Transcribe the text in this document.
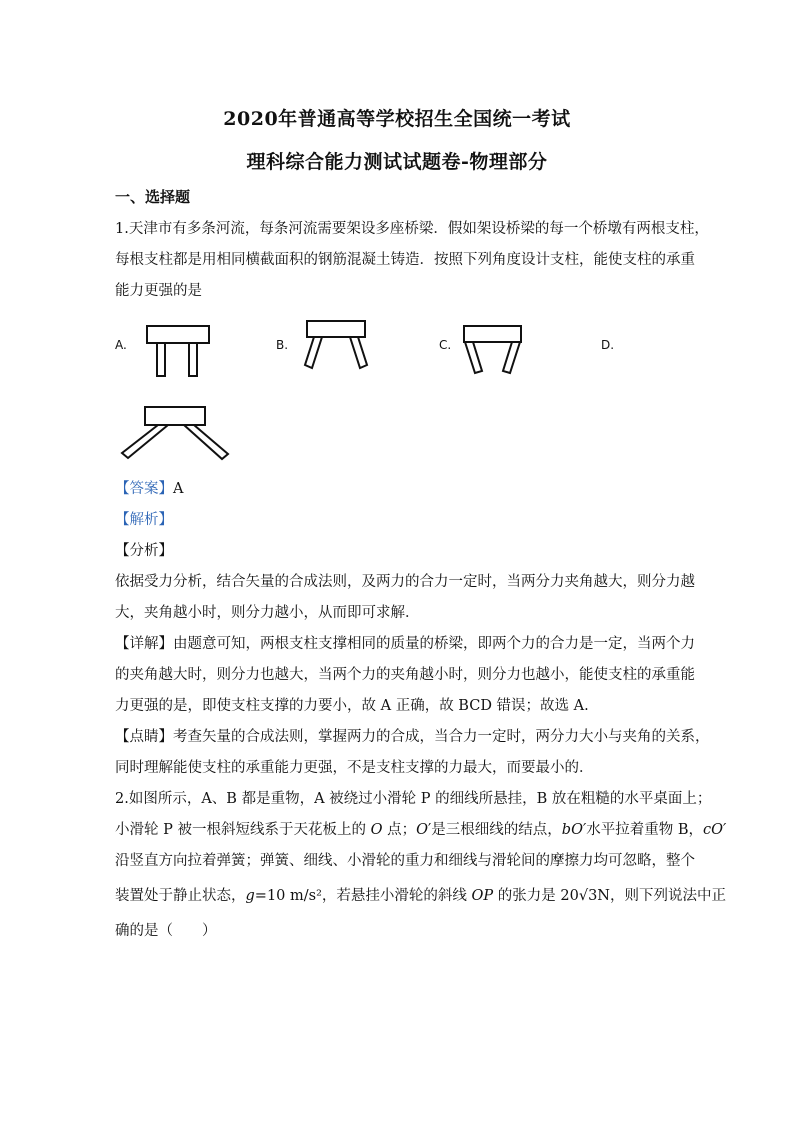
2020年普通高等学校招生全国统一考试
理科综合能力测试试题卷-物理部分
一、选择题
1.天津市有多条河流，每条河流需要架设多座桥梁．假如架设桥梁的每一个桥墩有两根支柱，
每根支柱都是用相同横截面积的钢筋混凝土铸造．按照下列角度设计支柱，能使支柱的承重
能力更强的是
A.	B.	C.	D.
【答案】A
【解析】
【分析】
依据受力分析，结合矢量的合成法则，及两力的合力一定时，当两分力夹角越大，则分力越
大，夹角越小时，则分力越小，从而即可求解．
【详解】由题意可知，两根支柱支撑相同的质量的桥梁，即两个力的合力是一定，当两个力
的夹角越大时，则分力也越大，当两个力的夹角越小时，则分力也越小，能使支柱的承重能
力更强的是，即使支柱支撑的力要小，故 A 正确，故 BCD 错误；故选 A.
【点睛】考查矢量的合成法则，掌握两力的合成，当合力一定时，两分力大小与夹角的关系，
同时理解能使支柱的承重能力更强，不是支柱支撑的力最大，而要最小的．
2.如图所示，A、B 都是重物，A 被绕过小滑轮 P 的细线所悬挂，B 放在粗糙的水平桌面上；
小滑轮 P 被一根斜短线系于天花板上的 O 点；O′是三根细线的结点，bO′水平拉着重物 B，cO′
沿竖直方向拉着弹簧；弹簧、细线、小滑轮的重力和细线与滑轮间的摩擦力均可忽略，整个
装置处于静止状态，g=10 m/s²，若悬挂小滑轮的斜线 OP 的张力是 20√3N，则下列说法中正
确的是（　　）
